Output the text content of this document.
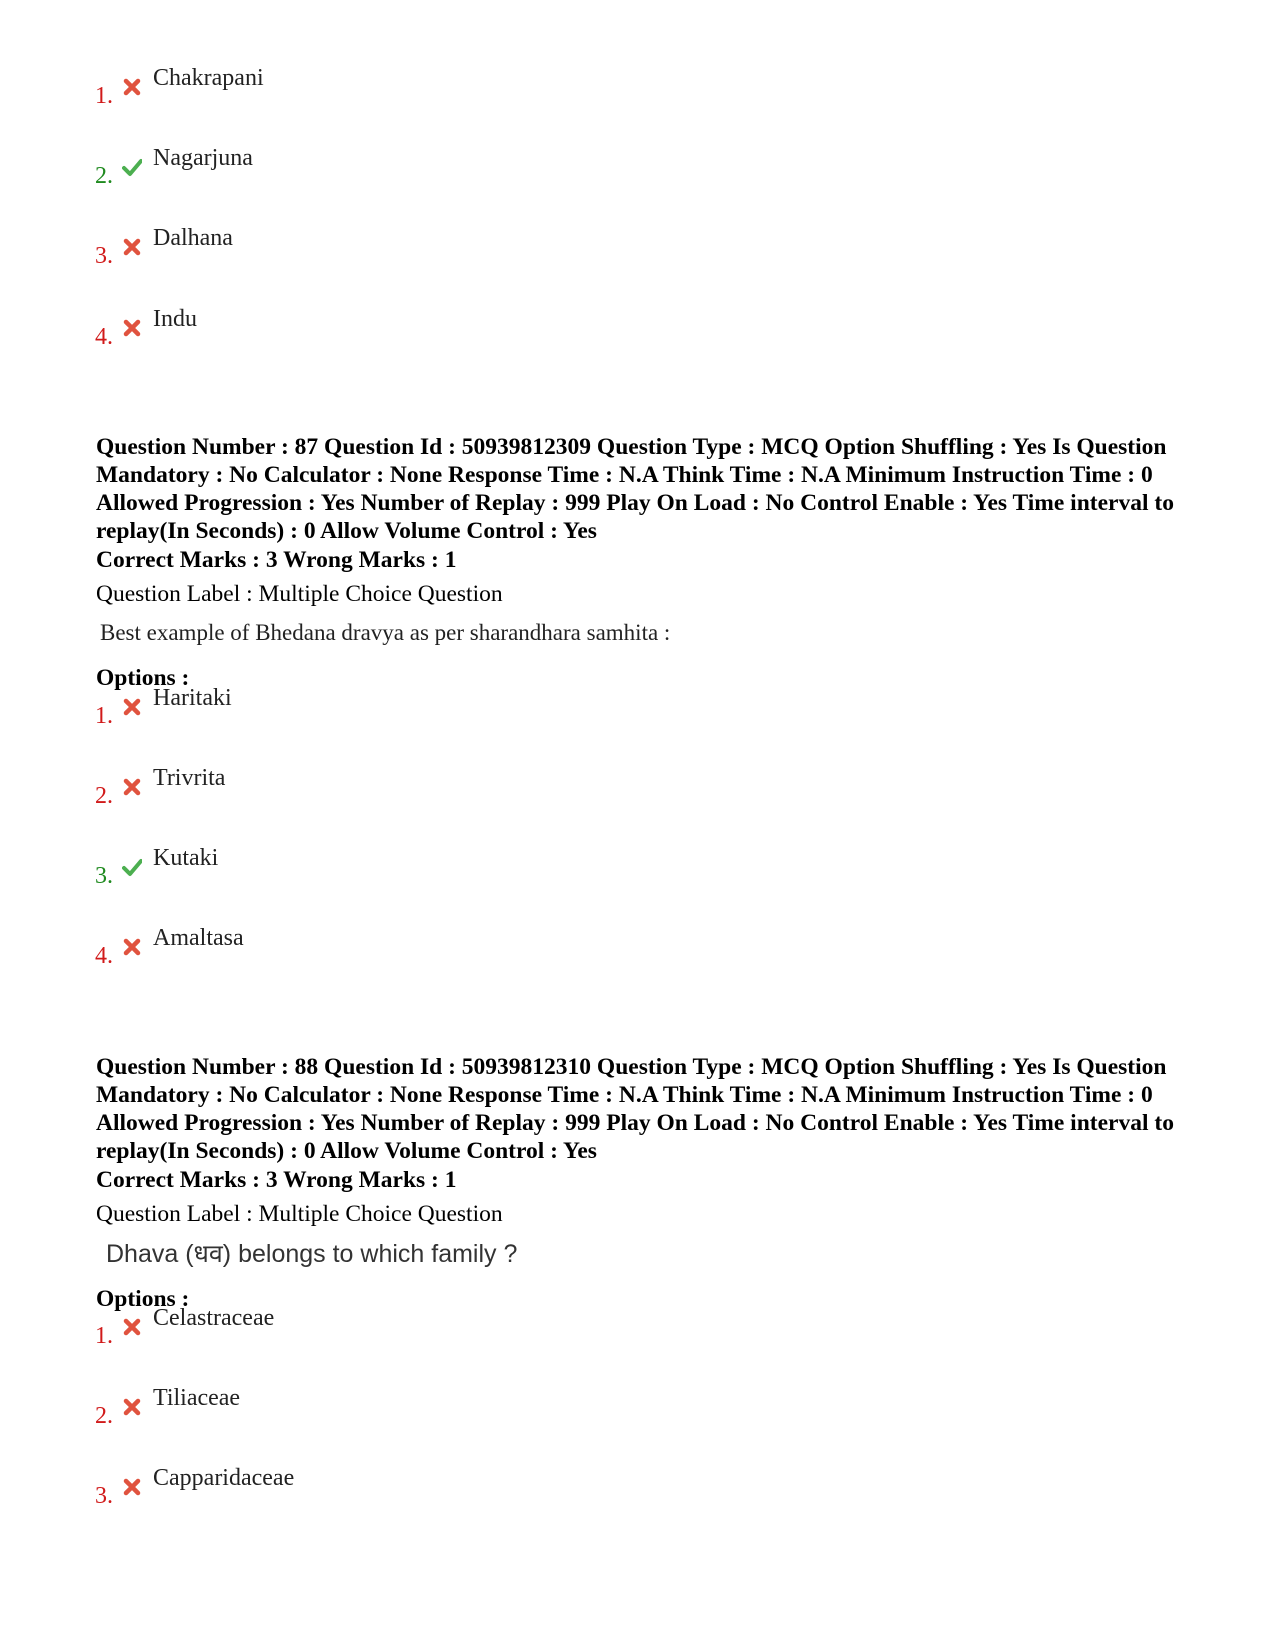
1.
Chakrapani
2.
Nagarjuna
3.
Dalhana
4.
Indu
Question Number : 87 Question Id : 50939812309 Question Type : MCQ Option Shuffling : Yes Is Question Mandatory : No Calculator : None Response Time : N.A Think Time : N.A Minimum Instruction Time : 0 Allowed Progression : Yes Number of Replay : 999 Play On Load : No Control Enable : Yes Time interval to replay(In Seconds) : 0 Allow Volume Control : Yes
Correct Marks : 3 Wrong Marks : 1
Question Label : Multiple Choice Question
Best example of Bhedana dravya as per sharandhara samhita :
Options :
1.
Haritaki
2.
Trivrita
3.
Kutaki
4.
Amaltasa
Question Number : 88 Question Id : 50939812310 Question Type : MCQ Option Shuffling : Yes Is Question Mandatory : No Calculator : None Response Time : N.A Think Time : N.A Minimum Instruction Time : 0 Allowed Progression : Yes Number of Replay : 999 Play On Load : No Control Enable : Yes Time interval to replay(In Seconds) : 0 Allow Volume Control : Yes
Correct Marks : 3 Wrong Marks : 1
Question Label : Multiple Choice Question
Dhava (धव) belongs to which family ?
Options :
1.
Celastraceae
2.
Tiliaceae
3.
Capparidaceae
